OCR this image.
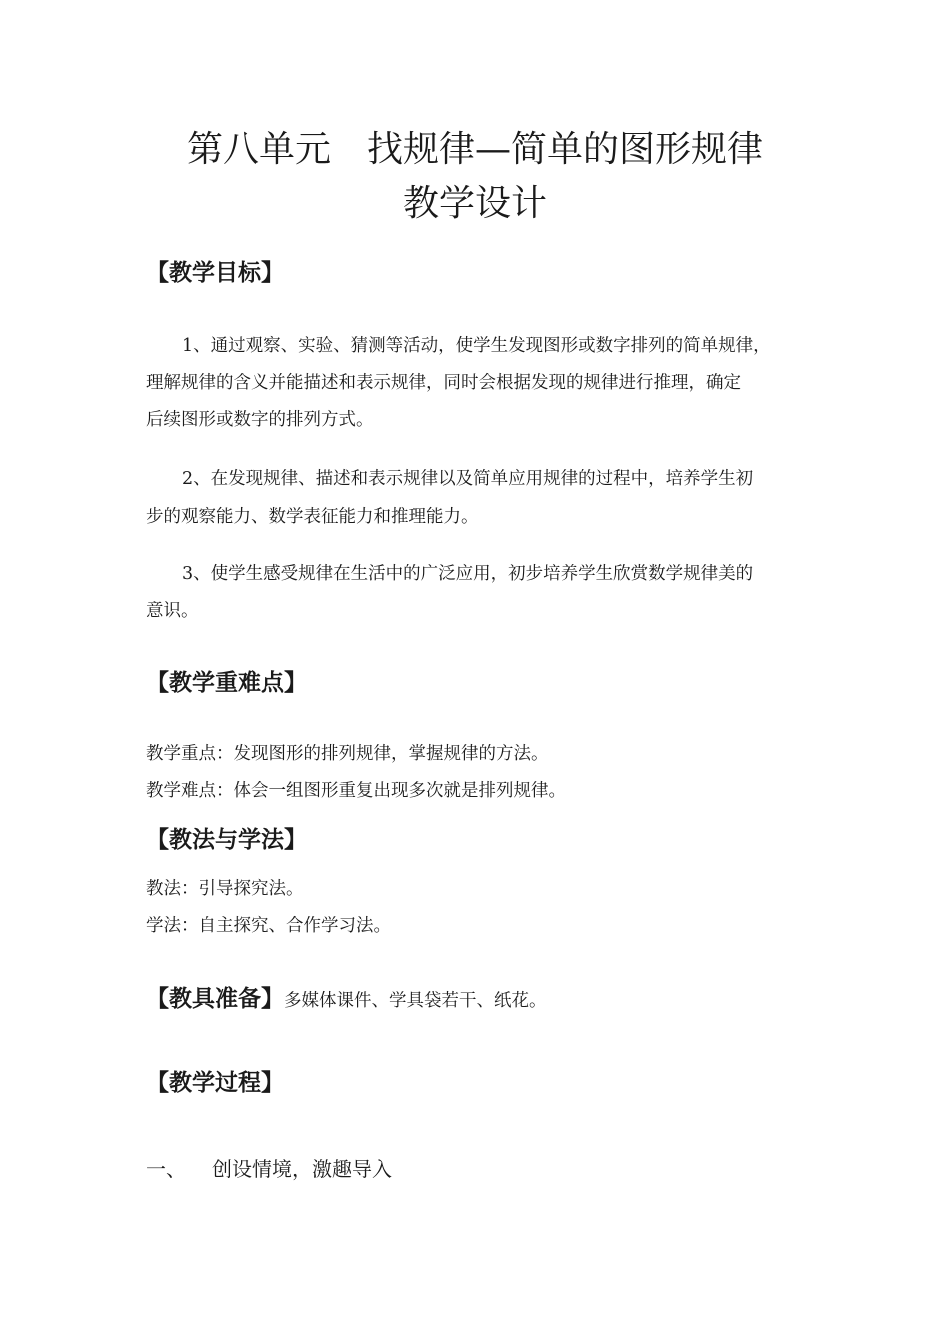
第八单元　找规律—简单的图形规律
教学设计
【教学目标】

1、通过观察、实验、猜测等活动，使学生发现图形或数字排列的简单规律，

理解规律的含义并能描述和表示规律，同时会根据发现的规律进行推理，确定

后续图形或数字的排列方式。

2、在发现规律、描述和表示规律以及简单应用规律的过程中，培养学生初

步的观察能力、数学表征能力和推理能力。

3、使学生感受规律在生活中的广泛应用，初步培养学生欣赏数学规律美的

意识。

【教学重难点】

教学重点：发现图形的排列规律，掌握规律的方法。

教学难点：体会一组图形重复出现多次就是排列规律。

【教法与学法】

教法：引导探究法。

学法：自主探究、合作学习法。

【教具准备】多媒体课件、学具袋若干、纸花。
【教学过程】

一、 创设情境，激趣导入
